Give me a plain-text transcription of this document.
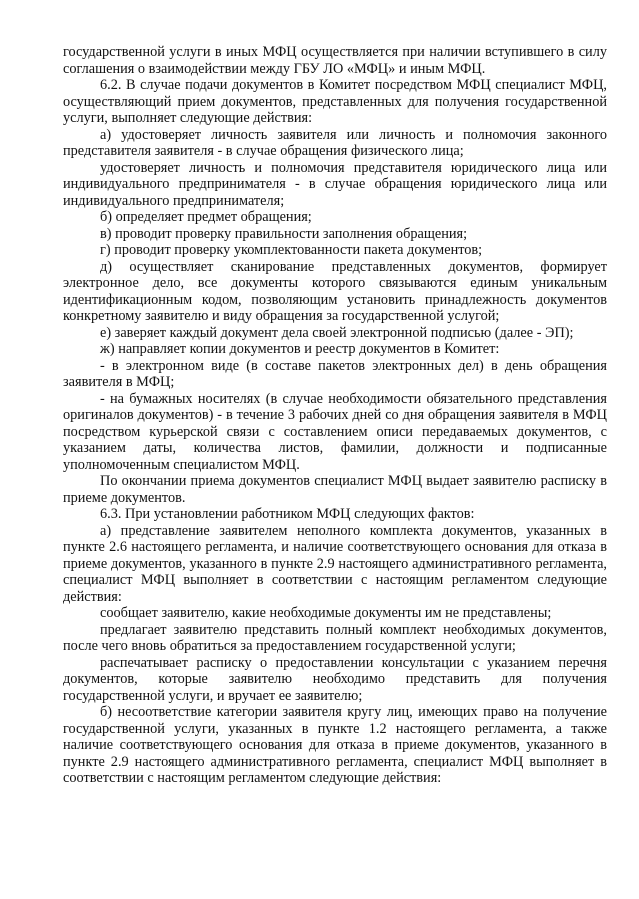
государственной услуги в иных МФЦ осуществляется при наличии вступившего в силу соглашения о взаимодействии между ГБУ ЛО «МФЦ» и иным МФЦ.

6.2. В случае подачи документов в Комитет посредством МФЦ специалист МФЦ, осуществляющий прием документов, представленных для получения государственной услуги, выполняет следующие действия:

а) удостоверяет личность заявителя или личность и полномочия законного представителя заявителя - в случае обращения физического лица;

удостоверяет личность и полномочия представителя юридического лица или индивидуального предпринимателя - в случае обращения юридического лица или индивидуального предпринимателя;

б) определяет предмет обращения;

в) проводит проверку правильности заполнения обращения;

г) проводит проверку укомплектованности пакета документов;

д) осуществляет сканирование представленных документов, формирует электронное дело, все документы которого связываются единым уникальным идентификационным кодом, позволяющим установить принадлежность документов конкретному заявителю и виду обращения за государственной услугой;

е) заверяет каждый документ дела своей электронной подписью (далее - ЭП);

ж) направляет копии документов и реестр документов в Комитет:

- в электронном виде (в составе пакетов электронных дел) в день обращения заявителя в МФЦ;

- на бумажных носителях (в случае необходимости обязательного представления оригиналов документов) - в течение 3 рабочих дней со дня обращения заявителя в МФЦ посредством курьерской связи с составлением описи передаваемых документов, с указанием даты, количества листов, фамилии, должности и подписанные уполномоченным специалистом МФЦ.

По окончании приема документов специалист МФЦ выдает заявителю расписку в приеме документов.

6.3. При установлении работником МФЦ следующих фактов:

а) представление заявителем неполного комплекта документов, указанных в пункте 2.6 настоящего регламента, и наличие соответствующего основания для отказа в приеме документов, указанного в пункте 2.9 настоящего административного регламента, специалист МФЦ выполняет в соответствии с настоящим регламентом следующие действия:

сообщает заявителю, какие необходимые документы им не представлены;

предлагает заявителю представить полный комплект необходимых документов, после чего вновь обратиться за предоставлением государственной услуги;

распечатывает расписку о предоставлении консультации с указанием перечня документов, которые заявителю необходимо представить для получения государственной услуги, и вручает ее заявителю;

б) несоответствие категории заявителя кругу лиц, имеющих право на получение государственной услуги, указанных в пункте 1.2 настоящего регламента, а также наличие соответствующего основания для отказа в приеме документов, указанного в пункте 2.9 настоящего административного регламента, специалист МФЦ выполняет в соответствии с настоящим регламентом следующие действия:
